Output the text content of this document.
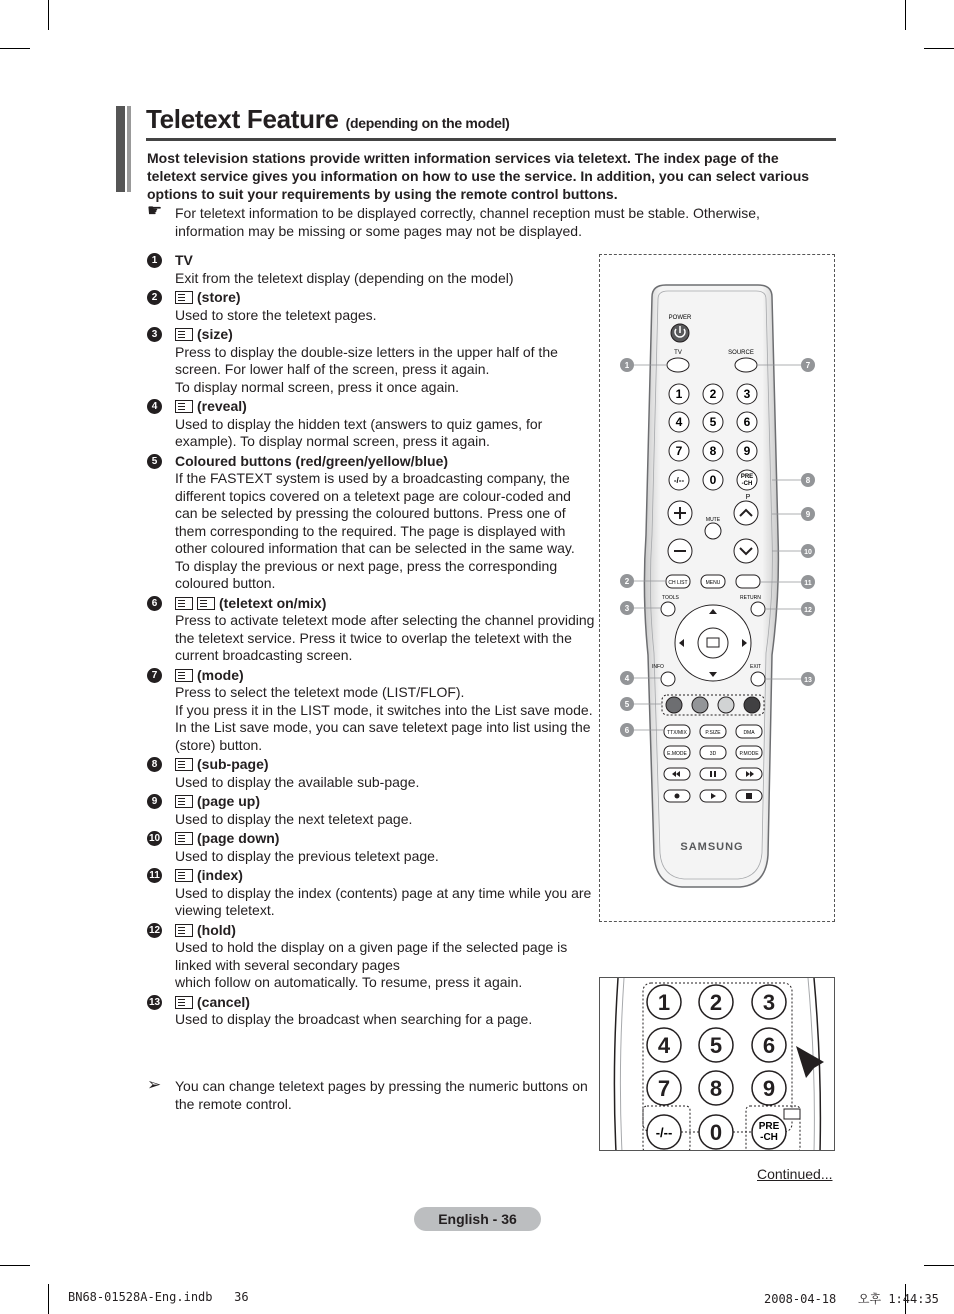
Teletext Feature (depending on the model)
Most television stations provide written information services via teletext. The index page of the teletext service gives you information on how to use the service. In addition, you can select various options to suit your requirements by using the remote control buttons.
☛ For teletext information to be displayed correctly, channel reception must be stable. Otherwise, information may be missing or some pages may not be displayed.
1	TV
Exit from the teletext display (depending on the model)
2	(store)
Used to store the teletext pages.
3	(size)
Press to display the double-size letters in the upper half of the screen. For lower half of the screen, press it again.
To display normal screen, press it once again.
4	(reveal)
Used to display the hidden text (answers to quiz games, for example). To display normal screen, press it again.
5	Coloured buttons (red/green/yellow/blue)
If the FASTEXT system is used by a broadcasting company, the different topics covered on a teletext page are colour-coded and can be selected by pressing the coloured buttons. Press one of them corresponding to the required. The page is displayed with other coloured information that can be selected in the same way.
To display the previous or next page, press the corresponding coloured button.
6	(teletext on/mix)
Press to activate teletext mode after selecting the channel providing the teletext service. Press it twice to overlap the teletext with the current broadcasting screen.
7	(mode)
Press to select the teletext mode (LIST/FLOF).
If you press it in the LIST mode, it switches into the List save mode.
In the List save mode, you can save teletext page into list using the (store) button.
8	(sub-page)
Used to display the available sub-page.
9	(page up)
Used to display the next teletext page.
10	(page down)
Used to display the previous teletext page.
11	(index)
Used to display the index (contents) page at any time while you are viewing teletext.
12	(hold)
Used to hold the display on a given page if the selected page is linked with several secondary pages
which follow on automatically. To resume, press it again.
13	(cancel)
Used to display the broadcast when searching for a page.
➢ You can change teletext pages by pressing the numeric buttons on the remote control.
POWER
TV	SOURCE
1 2 3
4 5 6
7 8 9
-/-- 0	PRE
-CH
P
MUTE
CH LIST	MENU
TOOLS	RETURN
INFO	EXIT
TTX/MIX	P.SIZE	DMA
E.MODE	3D	P.MODE
SAMSUNG
1
2
3
4
5
6
7
8
9
10
11
12
13
1 2 3
4 5 6
7 8 9
0
-/--	PRE
-CH
Continued...
English - 36
BN68-01528A-Eng.indb   36	2008-04-18   오후 1:44:35
